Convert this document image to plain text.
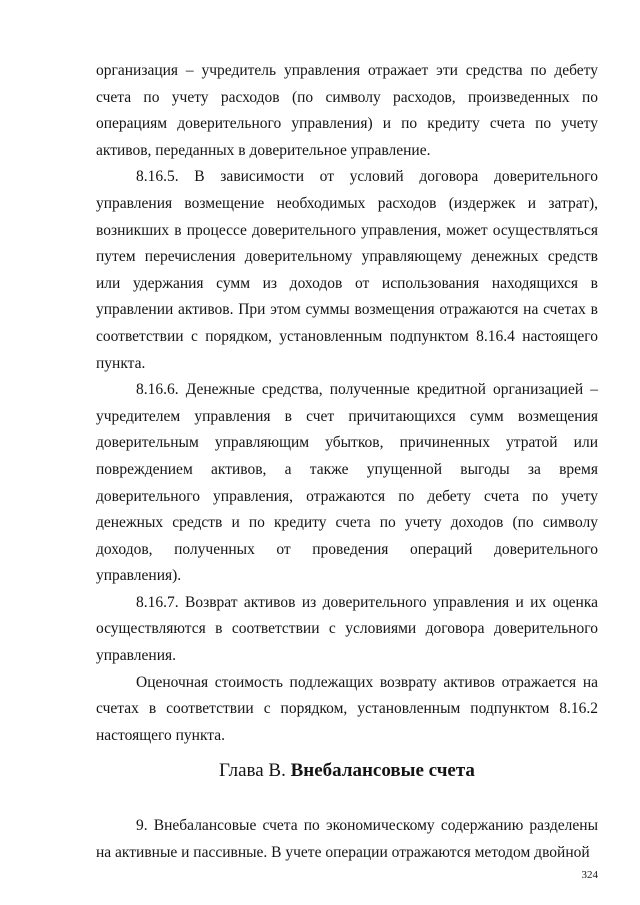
организация – учредитель управления отражает эти средства по дебету счета по учету расходов (по символу расходов, произведенных по операциям доверительного управления) и по кредиту счета по учету активов, переданных в доверительное управление.

8.16.5. В зависимости от условий договора доверительного управления возмещение необходимых расходов (издержек и затрат), возникших в процессе доверительного управления, может осуществляться путем перечисления доверительному управляющему денежных средств или удержания сумм из доходов от использования находящихся в управлении активов. При этом суммы возмещения отражаются на счетах в соответствии с порядком, установленным подпунктом 8.16.4 настоящего пункта.

8.16.6. Денежные средства, полученные кредитной организацией – учредителем управления в счет причитающихся сумм возмещения доверительным управляющим убытков, причиненных утратой или повреждением активов, а также упущенной выгоды за время доверительного управления, отражаются по дебету счета по учету денежных средств и по кредиту счета по учету доходов (по символу доходов, полученных от проведения операций доверительного управления).

8.16.7. Возврат активов из доверительного управления и их оценка осуществляются в соответствии с условиями договора доверительного управления.

Оценочная стоимость подлежащих возврату активов отражается на счетах в соответствии с порядком, установленным подпунктом 8.16.2 настоящего пункта.

Глава В. Внебалансовые счета

9. Внебалансовые счета по экономическому содержанию разделены на активные и пассивные. В учете операции отражаются методом двойной

324
